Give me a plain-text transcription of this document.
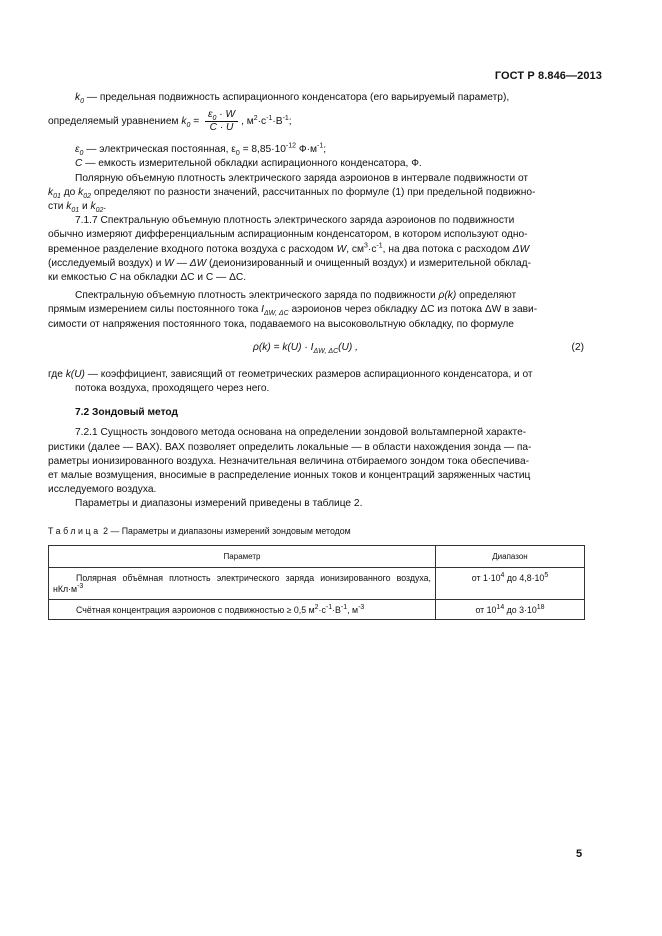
ГОСТ Р 8.846—2013

$k_0$ — предельная подвижность аспирационного конденсатора (его варьируемый параметр),

определяемый уравнением $k_0 = \frac{\varepsilon_0 \cdot W}{C \cdot U}$ , $м^2\cdot с^{-1}\cdot В^{-1}$;

$\varepsilon_0$ — электрическая постоянная, $\varepsilon_0 = 8,85\cdot 10^{-12}$ $Ф\cdot м^{-1}$;

C — емкость измерительной обкладки аспирационного конденсатора, Ф.

Полярную объемную плотность электрического заряда аэроионов в интервале подвижности от

$k_{01}$ до $k_{02}$ определяют по разности значений, рассчитанных по формуле (1) при предельной подвижно-

сти $k_{01}$ и $k_{02}$.

7.1.7 Спектральную объемную плотность электрического заряда аэроионов по подвижности

обычно измеряют дифференциальным аспирационным конденсатором, в котором используют одно-

временное разделение входного потока воздуха с расходом W, $см^3\cdot с^{-1}$, на два потока с расходом ΔW

(исследуемый воздух) и W — ΔW (деионизированный и очищенный воздух) и измерительной обклад-

ки емкостью C на обкладки ΔC и C — ΔC.

Спектральную объемную плотность электрического заряда по подвижности ρ(k) определяют

прямым измерением силы постоянного тока $I_{\Delta W, \Delta C}$ аэроионов через обкладку ΔC из потока ΔW в зави-

симости от напряжения постоянного тока, подаваемого на высоковольтную обкладку, по формуле

$\rho(k) = k(U) \cdot I_{\Delta W, \Delta C}(U)$ ,	(2)

где k(U) — коэффициент, зависящий от геометрических размеров аспирационного конденсатора, и от

потока воздуха, проходящего через него.

7.2 Зондовый метод

7.2.1 Сущность зондового метода основана на определении зондовой вольтамперной характе-

ристики (далее — ВАХ). ВАХ позволяет определить локальные — в области нахождения зонда — па-

раметры ионизированного воздуха. Незначительная величина отбираемого зондом тока обеспечива-

ет малые возмущения, вносимые в распределение ионных токов и концентраций заряженных частиц

исследуемого воздуха.

Параметры и диапазоны измерений приведены в таблице 2.

Таблица 2 — Параметры и диапазоны измерений зондовым методом

Параметр	Диапазон
Полярная объёмная плотность электрического заряда ионизированного воздуха, $нКл\cdot м^{-3}$	от $1\cdot 10^4$ до $4,8\cdot 10^5$
Счётная концентрация аэроионов с подвижностью ≥ 0,5 $м^2\cdot с^{-1}\cdot В^{-1}$, $м^{-3}$	от $10^{14}$ до $3\cdot 10^{18}$
5
